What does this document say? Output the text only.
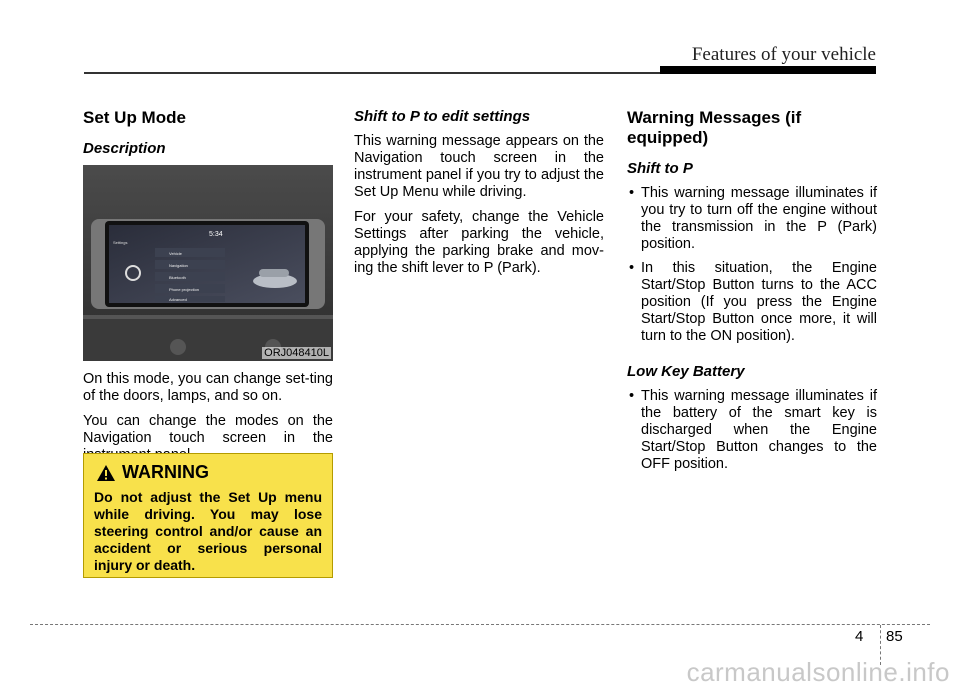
Features of your vehicle
Set Up Mode
Description
5:34
Settings
Vehicle
Navigation
Bluetooth
Phone projection
Advanced
ORJ048410L

On this mode, you can change set-ting of the doors, lamps, and so on.

You can change the modes on the Navigation touch screen in the

WARNING

Do not adjust the Set Up menu while driving. You may lose steering control and/or cause an accident or serious personal injury or death.

Shift to P to edit settings

This warning message appears on the Navigation touch screen in the instrument panel if you try to adjust the Set Up Menu while driving.

For your safety, change the Vehicle Settings after parking the vehicle, applying the parking brake and mov-ing the shift lever to P (Park).

Warning Messages (if equipped)
Shift to P
• This warning message illuminates if you try to turn off the engine without the transmission in the P (Park) position.
• In this situation, the Engine Start/Stop Button turns to the ACC position (If you press the Engine Start/Stop Button once more, it will turn to the ON position).
Low Key Battery
• This warning message illuminates if the battery of the smart key is discharged when the Engine Start/Stop Button changes to the OFF position.
4 85
carmanualsonline.info
